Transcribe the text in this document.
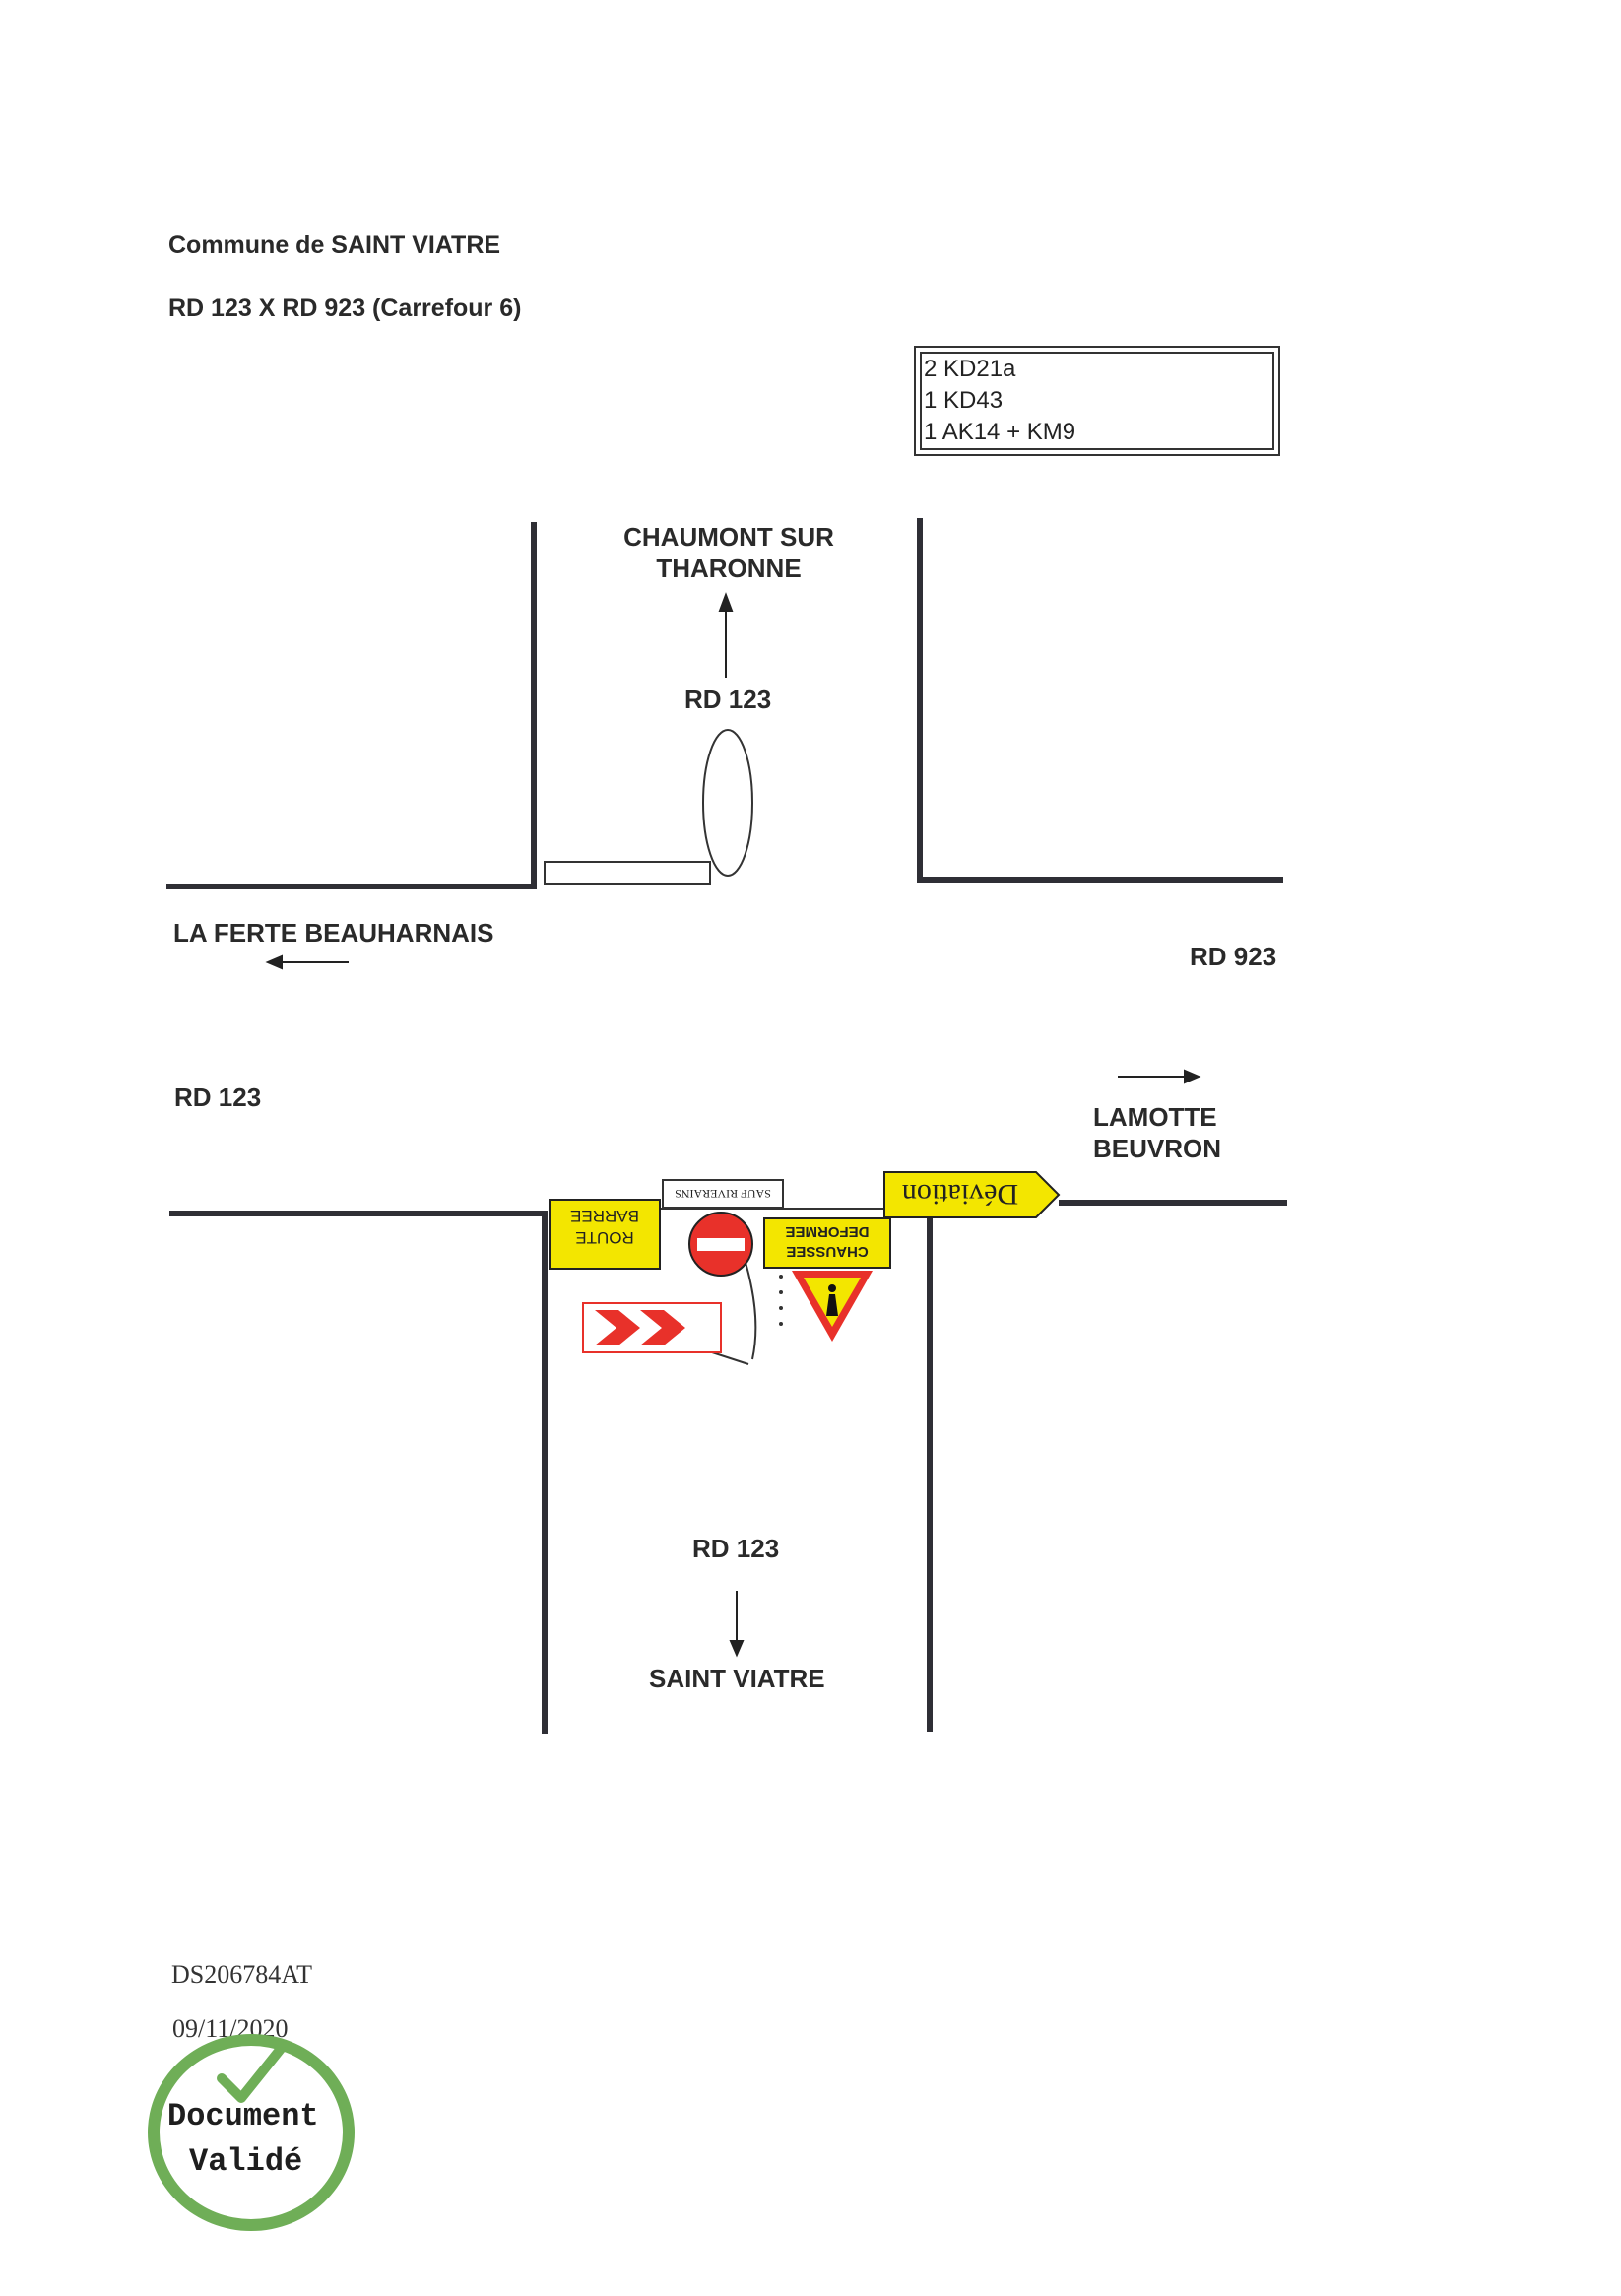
Commune de SAINT VIATRE
RD 123 X RD 923 (Carrefour 6)
2 KD21a
1 KD43
1 AK14 + KM9
Déviation
SAUF RIVERAINS
ROUTE
BARREE
CHAUSSEE
DEFORMEE
CHAUMONT SUR
THARONNE
RD 123
LA FERTE BEAUHARNAIS
RD 923
RD 123
LAMOTTE
BEUVRON
RD 123
SAINT VIATRE
DS206784AT
09/11/2020
Document
Validé
